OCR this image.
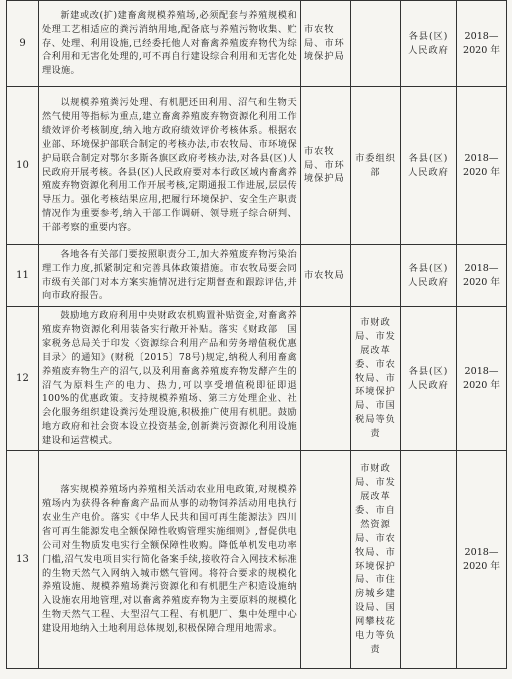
9	新建或改(扩)建畜禽规模养殖场,必须配套与养殖规模和处理工艺相适应的粪污消纳用地,配备底与养殖污物收集、贮存、处理、利用设施,已经委托他人对畜禽养殖废弃物代为综合利用和无害化处理的,可不再自行建设综合利用和无害化处理设施。	市农牧局、市环境保护局		各县(区)人民政府	2018—
2020 年
10	以规模养殖粪污处理、有机肥还田利用、沼气和生物天然气使用等指标为重点,建立畜禽养殖废弃物资源化利用工作绩效评价考核制度,纳入地方政府绩效评价考核体系。根据农业部、环境保护部联合制定的考核办法,市农牧局、市环境保护局联合制定对鄂尔多斯各旗区政府考核办法,对各县(区)人民政府开展考核。各县(区)人民政府要对本行政区域内畜禽养殖废弃物资源化利用工作开展考核,定期通报工作进展,层层传导压力。强化考核结果应用,把履行环境保护、安全生产职责情况作为重要参考,纳入干部工作调研、领导班子综合研判、干部考察的重要内容。	市农牧局、市环境保护局	市委组织部	各县(区)人民政府	2018—
2020 年
11	各地各有关部门要按照职责分工,加大养殖废弃物污染治理工作力度,抓紧制定和完善具体政策措施。市农牧局要会同市级有关部门对本方案实施情况进行定期督查和跟踪评估,并向市政府报告。	市农牧局		各县(区)人民政府	2018—
2020 年
12	鼓励地方政府利用中央财政农机购置补贴资金,对畜禽养殖废弃物资源化利用装备实行敞开补贴。落实《财政部　国家税务总局关于印发〈资源综合利用产品和劳务增值税优惠目录〉的通知》(财税〔2015〕78号)规定,纳税人利用畜禽养殖废弃物生产的沼气,以及利用畜禽养殖废弃物发酵产生的沼气为原料生产的电力、热力,可以享受增值税即征即退100%的优惠政策。支持规模养殖场、第三方处理企业、社会化服务组织建设粪污处理设施,积极推广使用有机肥。鼓励地方政府和社会资本设立投资基金,创新粪污资源化利用设施建设和运营模式。		市财政局、市发展改革委、市农牧局、市环境保护局、市国税局等负责	各县(区)人民政府	2018—
2020 年
13	落实规模养殖场内养殖相关活动农业用电政策,对规模养殖场内为获得各种畜禽产品而从事的动物饲养活动用电执行农业生产电价。落实《中华人民共和国可再生能源法》四川省可再生能源发电全额保障性收购管理实施细则》,督促供电公司对生物质发电实行全额保障性收购。降低单机发电功率门槛,沼气发电项目实行简化备案手续,接收符合入网技术标准的生物天然气入网纳入城市燃气管网。将符合要求的规模化养殖设施、规模养殖场粪污资源化和有机肥生产积造设施纳入设施农用地管理,对以畜禽养殖废弃物为主要原料的规模化生物天然气工程、大型沼气工程、有机肥厂、集中处理中心建设用地纳入土地利用总体规划,积极保障合理用地需求。		市财政局、市发展改革委、市自然资源局、市农牧局、市环境保护局、市住房城乡建设局、国网攀枝花电力等负责		2018—
2020 年
